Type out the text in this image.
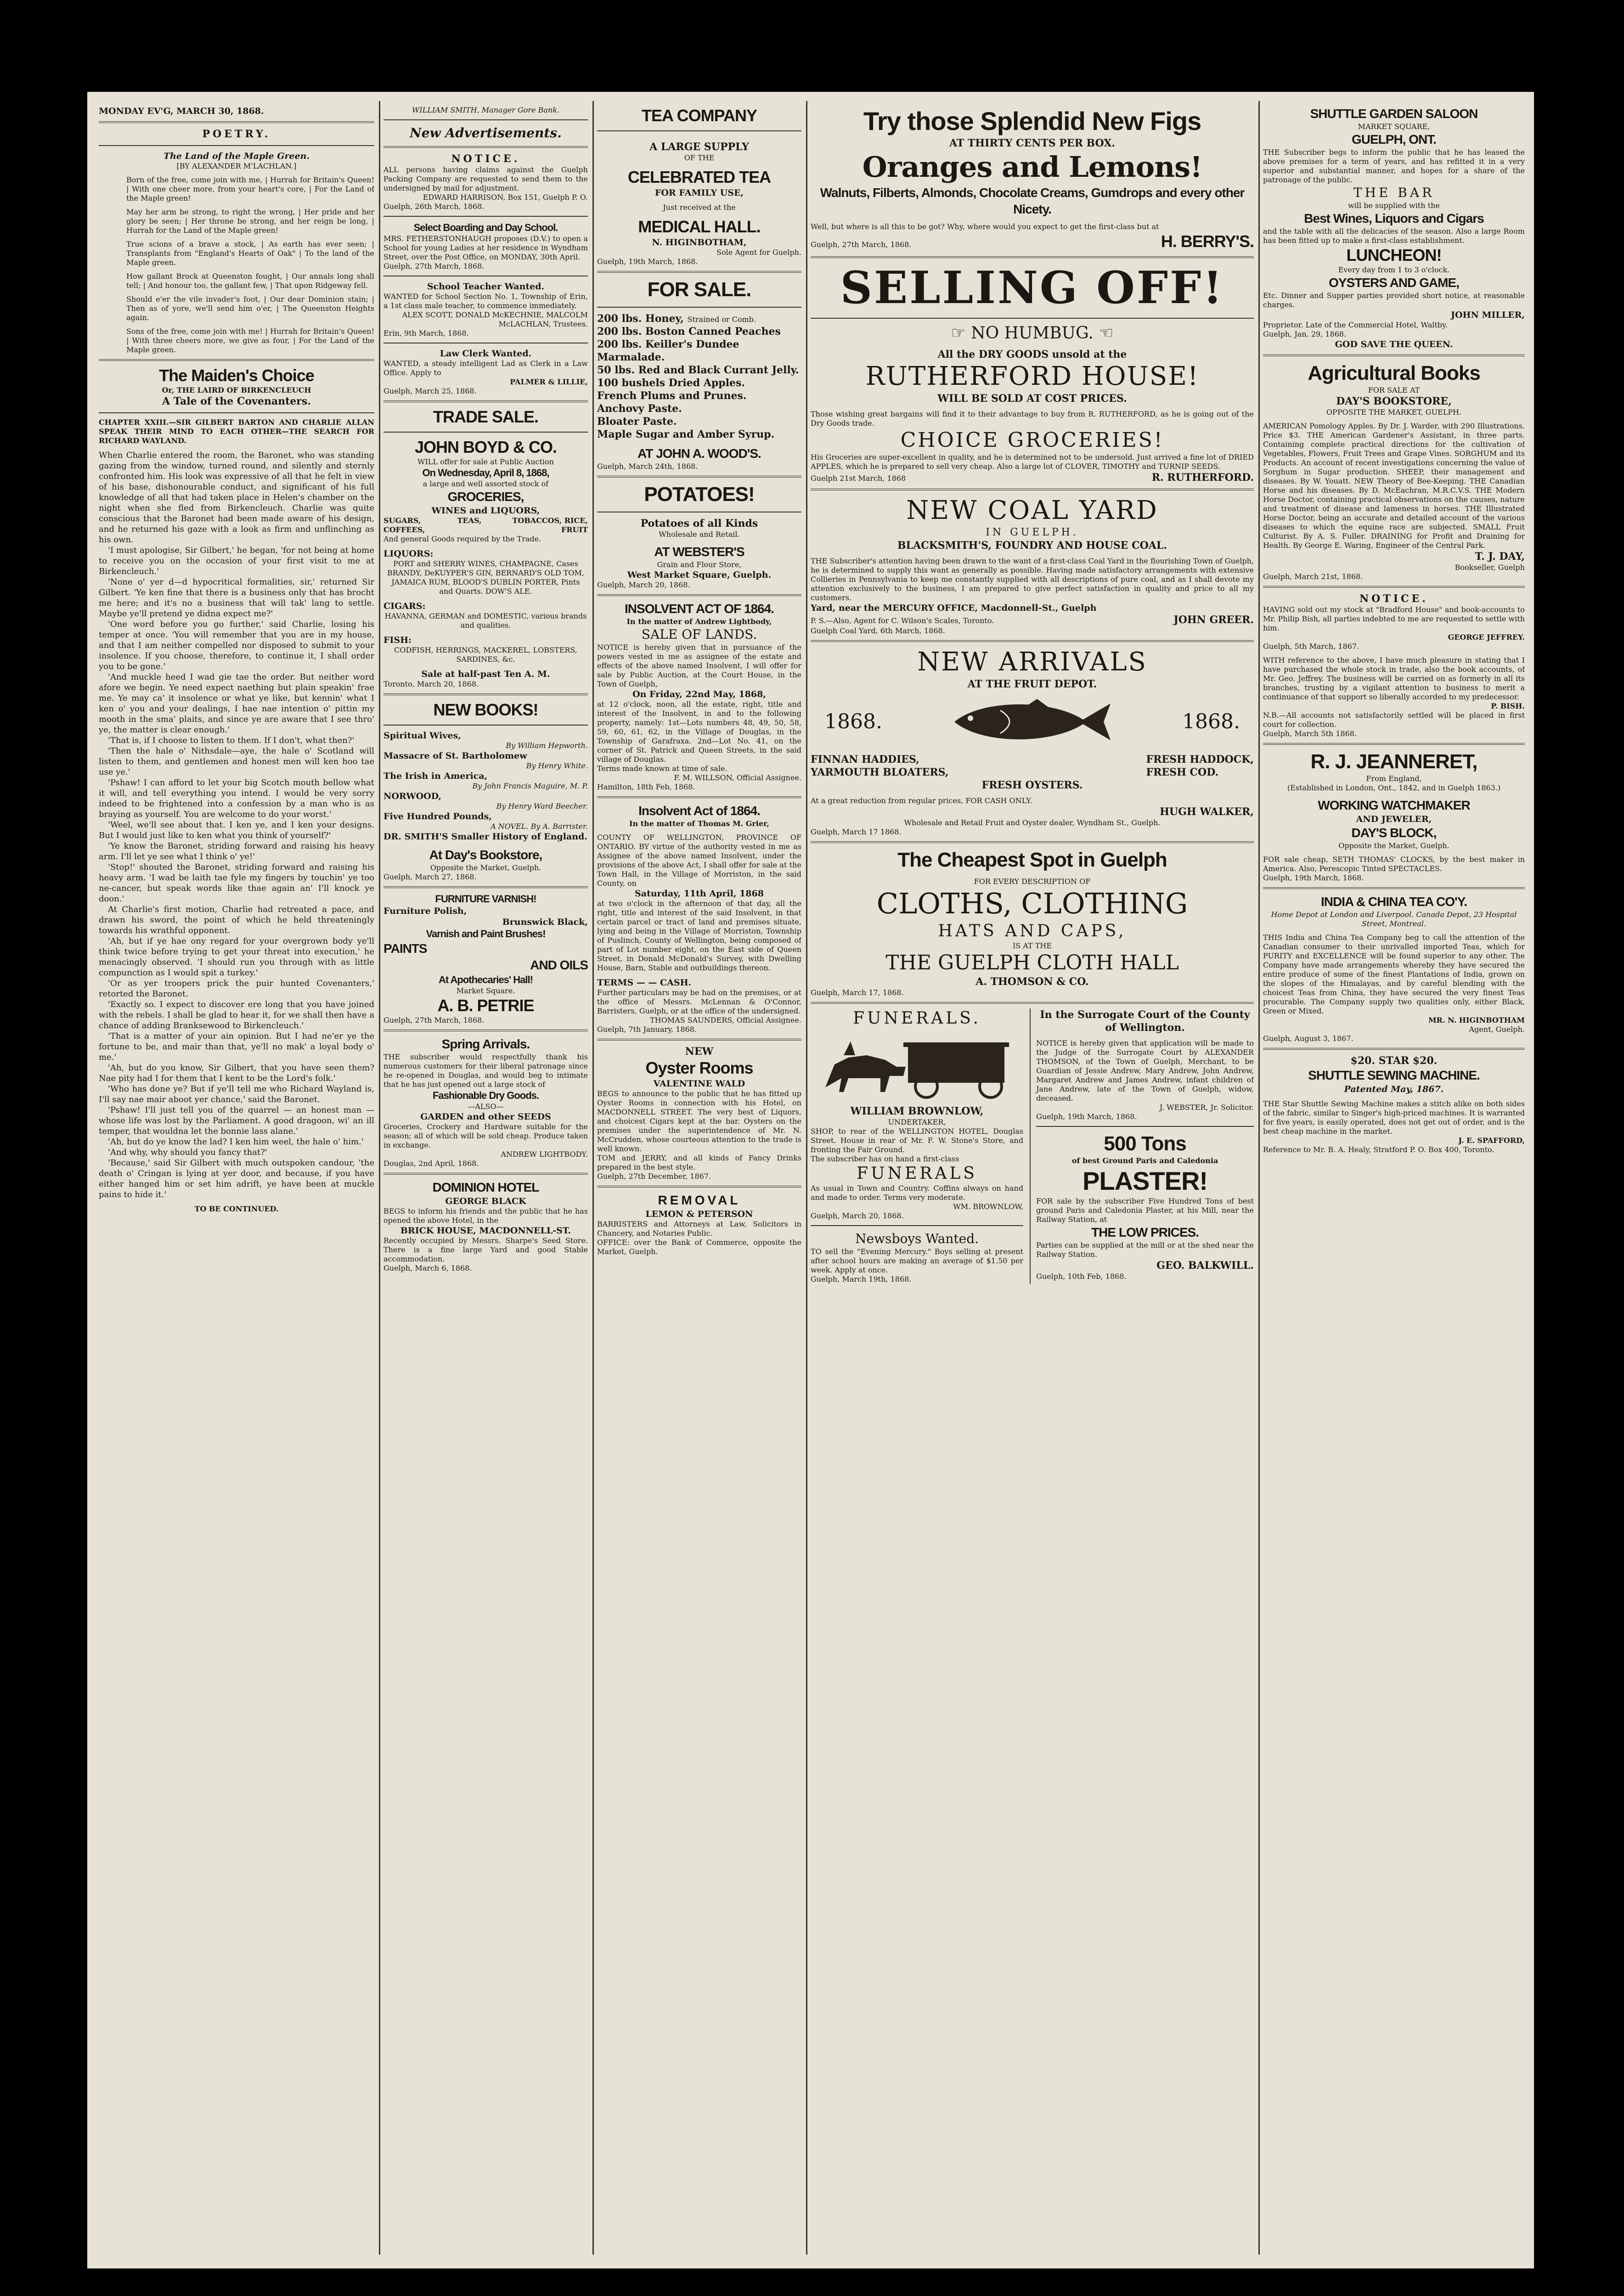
MONDAY EV'G, MARCH 30, 1868.

POETRY.

The Land of the Maple Green.

[BY ALEXANDER M'LACHLAN.]

Born of the free, come join with me, | Hurrah for Britain's Queen! | With one cheer more, from your heart's core, | For the Land of the Maple green!

May her arm be strong, to right the wrong, | Her pride and her glory be seen; | Her throne be strong, and her reign be long, | Hurrah for the Land of the Maple green!

True scions of a brave a stock, | As earth has ever seen; | Transplants from "England's Hearts of Oak" | To the land of the Maple green.

How gallant Brock at Queenston fought, | Our annals long shall tell; | And honour too, the gallant few, | That upon Ridgeway fell.

Should e'er the vile invader's foot, | Our dear Dominion stain; | Then as of yore, we'll send him o'er, | The Queenston Heights again.

Sons of the free, come join with me! | Hurrah for Britain's Queen! | With three cheers more, we give as four, | For the Land of the Maple green.

The Maiden's Choice

Or, THE LAIRD OF BIRKENCLEUCH

A Tale of the Covenanters.

CHAPTER XXIII.—SIR GILBERT BARTON AND CHARLIE ALLAN SPEAK THEIR MIND TO EACH OTHER—THE SEARCH FOR RICHARD WAYLAND.

When Charlie entered the room, the Baronet, who was standing gazing from the window, turned round, and silently and sternly confronted him. His look was expressive of all that he felt in view of his base, dishonourable conduct, and significant of his full knowledge of all that had taken place in Helen's chamber on the night when she fled from Birkencleuch. Charlie was quite conscious that the Baronet had been made aware of his design, and he returned his gaze with a look as firm and unflinching as his own.

'I must apologise, Sir Gilbert,' he began, 'for not being at home to receive you on the occasion of your first visit to me at Birkencleuch.'

'None o' yer d—d hypocritical formalities, sir,' returned Sir Gilbert. 'Ye ken fine that there is a business only that has brocht me here; and it's no a business that will tak' lang to settle. Maybe ye'll pretend ye didna expect me?'

'One word before you go further,' said Charlie, losing his temper at once. 'You will remember that you are in my house, and that I am neither compelled nor disposed to submit to your insolence. If you choose, therefore, to continue it, I shall order you to be gone.'

'And muckle heed I wad gie tae the order. But neither word afore we begin. Ye need expect naething but plain speakin' frae me. Ye may ca' it insolence or what ye like, but kennin' what I ken o' you and your dealings, I hae nae intention o' pittin my mooth in the sma' plaits, and since ye are aware that I see thro' ye, the matter is clear enough.'

'That is, if I choose to listen to them. If I don't, what then?'

'Then the hale o' Nithsdale—aye, the hale o' Scotland will listen to them, and gentlemen and honest men will ken hoo tae use ye.'

'Pshaw! I can afford to let your big Scotch mouth bellow what it will, and tell everything you intend. I would be very sorry indeed to be frightened into a confession by a man who is as braying as yourself. You are welcome to do your worst.'

'Weel, we'll see about that. I ken ye, and I ken your designs. But I would just like to ken what you think of yourself?'

'Ye know the Baronet, striding forward and raising his heavy arm. I'll let ye see what I think o' ye!'

'Stop!' shouted the Baronet, striding forward and raising his heavy arm. 'I wad be laith tae fyle my fingers by touchin' ye too ne-cancer, but speak words like thae again an' I'll knock ye doon.'

At Charlie's first motion, Charlie had retreated a pace, and drawn his sword, the point of which he held threateningly towards his wrathful opponent.

'Ah, but if ye hae ony regard for your overgrown body ye'll think twice before trying to get your threat into execution,' he menacingly observed. 'I should run you through with as little compunction as I would spit a turkey.'

'Or as yer troopers prick the puir hunted Covenanters,' retorted the Baronet.

'Exactly so. I expect to discover ere long that you have joined with the rebels. I shall be glad to hear it, for we shall then have a chance of adding Branksewood to Birkencleuch.'

'That is a matter of your ain opinion. But I had ne'er ye the fortune to be, and mair than that, ye'll no mak' a loyal body o' me.'

'Ah, but do you know, Sir Gilbert, that you have seen them? Nae pity had I for them that I kent to be the Lord's folk.'

'Who has done ye? But if ye'll tell me who Richard Wayland is, I'll say nae mair aboot yer chance,' said the Baronet.

'Pshaw! I'll just tell you of the quarrel — an honest man — whose life was lost by the Parliament. A good dragoon, wi' an ill temper, that wouldna let the bonnie lass alane.'

'Ah, but do ye know the lad? I ken him weel, the hale o' him.'

'And why, why should you fancy that?'

'Because,' said Sir Gilbert with much outspoken candour, 'the death o' Cringan is lying at yer door, and because, if you have either hanged him or set him adrift, ye have been at muckle pains to hide it.'

TO BE CONTINUED.

WILLIAM SMITH, Manager Gore Bank.

New Advertisements.

NOTICE.

ALL persons having claims against the Guelph Packing Company are requested to send them to the undersigned by mail for adjustment.

EDWARD HARRISON, Box 151, Guelph P. O.

Guelph, 26th March, 1868.

Select Boarding and Day School.

MRS. FETHERSTONHAUGH proposes (D.V.) to open a School for young Ladies at her residence in Wyndham Street, over the Post Office, on MONDAY, 30th April.

Guelph, 27th March, 1868.

School Teacher Wanted.

WANTED for School Section No. 1, Township of Erin, a 1st class male teacher, to commence immediately.

ALEX SCOTT, DONALD McKECHNIE, MALCOLM McLACHLAN, Trustees.

Erin, 9th March, 1868.

Law Clerk Wanted.

WANTED, a steady intelligent Lad as Clerk in a Law Office. Apply to

PALMER & LILLIE,

Guelph, March 25, 1868.

TRADE SALE.

JOHN BOYD & CO.

WILL offer for sale at Public Auction

On Wednesday, April 8, 1868,

a large and well assorted stock of

GROCERIES,

WINES and LIQUORS,

SUGARS, TEAS, COFFEES,

TOBACCOS, RICE, FRUIT

And general Goods required by the Trade.

LIQUORS:

PORT and SHERRY WINES, CHAMPAGNE, Cases BRANDY, DeKUYPER'S GIN, BERNARD'S OLD TOM, JAMAICA RUM, BLOOD'S DUBLIN PORTER, Pints and Quarts. DOW'S ALE.

CIGARS:

HAVANNA, GERMAN and DOMESTIC, various brands and qualities.

FISH:

CODFISH, HERRINGS, MACKEREL, LOBSTERS, SARDINES, &c.

Sale at half-past Ten A. M.

Toronto, March 20, 1868.

NEW BOOKS!

Spiritual Wives,

By William Hepworth.

Massacre of St. Bartholomew

By Henry White.

The Irish in America,

By John Francis Maguire, M. P.

NORWOOD,

By Henry Ward Beecher.

Five Hundred Pounds,

A NOVEL. By A. Barrister.

DR. SMITH'S Smaller History of England.

At Day's Bookstore,

Opposite the Market, Guelph.

Guelph, March 27, 1868.

FURNITURE VARNISH!

Furniture Polish,

Brunswick Black,

Varnish and Paint Brushes!

PAINTS

AND OILS

At Apothecaries' Hall!

Market Square.

A. B. PETRIE

Guelph, 27th March, 1868.

Spring Arrivals.

THE subscriber would respectfully thank his numerous customers for their liberal patronage since he re-opened in Douglas, and would beg to intimate that he has just opened out a large stock of

Fashionable Dry Goods.

—ALSO—

GARDEN and other SEEDS

Groceries, Crockery and Hardware suitable for the season; all of which will be sold cheap. Produce taken in exchange.

ANDREW LIGHTBODY.

Douglas, 2nd April, 1868.

DOMINION HOTEL

GEORGE BLACK

BEGS to inform his friends and the public that he has opened the above Hotel, in the

BRICK HOUSE, MACDONNELL-ST.

Recently occupied by Messrs. Sharpe's Seed Store. There is a fine large Yard and good Stable accommodation.

Guelph, March 6, 1868.

TEA COMPANY

A LARGE SUPPLY

OF THE

CELEBRATED TEA

FOR FAMILY USE,

Just received at the

MEDICAL HALL.

N. HIGINBOTHAM,

Sole Agent for Guelph.

Guelph, 19th March, 1868.

FOR SALE.

200 lbs. Honey, Strained or Comb.

200 lbs. Boston Canned Peaches

200 lbs. Keiller's Dundee Marmalade.

50 lbs. Red and Black Currant Jelly.

100 bushels Dried Apples.

French Plums and Prunes.

Anchovy Paste.

Bloater Paste.

Maple Sugar and Amber Syrup.

AT JOHN A. WOOD'S.

Guelph, March 24th, 1868.

POTATOES!

Potatoes of all Kinds

Wholesale and Retail.

AT WEBSTER'S

Grain and Flour Store,

West Market Square, Guelph.

Guelph, March 20, 1868.

INSOLVENT ACT OF 1864.

In the matter of Andrew Lightbody,

SALE OF LANDS.

NOTICE is hereby given that in pursuance of the powers vested in me as assignee of the estate and effects of the above named Insolvent, I will offer for sale by Public Auction, at the Court House, in the Town of Guelph,

On Friday, 22nd May, 1868,

at 12 o'clock, noon, all the estate, right, title and interest of the Insolvent, in and to the following property, namely: 1st—Lots numbers 48, 49, 50, 58, 59, 60, 61, 62, in the Village of Douglas, in the Township of Garafraxa. 2nd—Lot No. 41, on the corner of St. Patrick and Queen Streets, in the said village of Douglas.

Terms made known at time of sale.

F. M. WILLSON, Official Assignee.

Hamilton, 18th Feb, 1868.

Insolvent Act of 1864.

In the matter of Thomas M. Grier,

COUNTY OF WELLINGTON, PROVINCE OF ONTARIO. BY virtue of the authority vested in me as Assignee of the above named Insolvent, under the provisions of the above Act, I shall offer for sale at the Town Hall, in the Village of Morriston, in the said County, on

Saturday, 11th April, 1868

at two o'clock in the afternoon of that day, all the right, title and interest of the said Insolvent, in that certain parcel or tract of land and premises situate, lying and being in the Village of Morriston, Township of Puslinch, County of Wellington, being composed of part of Lot number eight, on the East side of Queen Street, in Donald McDonald's Survey, with Dwelling House, Barn, Stable and outbuildings thereon.

TERMS — — CASH.

Further particulars may be had on the premises, or at the office of Messrs. McLennan & O'Connor, Barristers, Guelph, or at the office of the undersigned.

THOMAS SAUNDERS, Official Assignee.

Guelph, 7th January, 1868.

NEW

Oyster Rooms

VALENTINE WALD

BEGS to announce to the public that he has fitted up Oyster Rooms in connection with his Hotel, on MACDONNELL STREET. The very best of Liquors, and choicest Cigars kept at the bar. Oysters on the premises under the superintendence of Mr. N. McCrudden, whose courteous attention to the trade is well known.

TOM and JERRY, and all kinds of Fancy Drinks prepared in the best style.

Guelph, 27th December, 1867.

REMOVAL

LEMON & PETERSON

BARRISTERS and Attorneys at Law, Solicitors in Chancery, and Notaries Public.

OFFICE: over the Bank of Commerce, opposite the Market, Guelph.

Try those Splendid New Figs

AT THIRTY CENTS PER BOX.

Oranges and Lemons!

Walnuts, Filberts, Almonds, Chocolate Creams, Gumdrops and every other Nicety.

Well, but where is all this to be got? Why, where would you expect to get the first-class but at

Guelph, 27th March, 1868.	H. BERRY'S.

SELLING OFF!

☞ NO HUMBUG. ☜

All the DRY GOODS unsold at the

RUTHERFORD HOUSE!

WILL BE SOLD AT COST PRICES.

Those wishing great bargains will find it to their advantage to buy from R. RUTHERFORD, as he is going out of the Dry Goods trade.

CHOICE GROCERIES!

His Groceries are super-excellent in quality, and he is determined not to be undersold. Just arrived a fine lot of DRIED APPLES, which he is prepared to sell very cheap. Also a large lot of CLOVER, TIMOTHY and TURNIP SEEDS.

Guelph 21st March, 1868	R. RUTHERFORD.

NEW COAL YARD

IN GUELPH.

BLACKSMITH'S, FOUNDRY AND HOUSE COAL.

THE Subscriber's attention having been drawn to the want of a first-class Coal Yard in the flourishing Town of Guelph, he is determined to supply this want as generally as possible. Having made satisfactory arrangements with extensive Collieries in Pennsylvania to keep me constantly supplied with all descriptions of pure coal, and as I shall devote my attention exclusively to the business, I am prepared to give perfect satisfaction in quality and price to all my customers.

Yard, near the MERCURY OFFICE, Macdonnell-St., Guelph

P. S.—Also, Agent for C. Wilson's Scales, Toronto.	JOHN GREER.

Guelph Coal Yard, 6th March, 1868.

NEW ARRIVALS

AT THE FRUIT DEPOT.

1868.	1868.

FINNAN HADDIES,

YARMOUTH BLOATERS,

FRESH HADDOCK,

FRESH COD.

FRESH OYSTERS.

At a great reduction from regular prices, FOR CASH ONLY.

HUGH WALKER,

Wholesale and Retail Fruit and Oyster dealer, Wyndham St., Guelph.

Guelph, March 17 1868.

The Cheapest Spot in Guelph

FOR EVERY DESCRIPTION OF

CLOTHS, CLOTHING

HATS AND CAPS,

IS AT THE

THE GUELPH CLOTH HALL

A. THOMSON & CO.

Guelph, March 17, 1868.

FUNERALS.

WILLIAM BROWNLOW,

UNDERTAKER,

SHOP, to rear of the WELLINGTON HOTEL, Douglas Street. House in rear of Mr. F. W. Stone's Store, and fronting the Fair Ground.

The subscriber has on hand a first-class

FUNERALS

As usual in Town and Country. Coffins always on hand and made to order. Terms very moderate.

WM. BROWNLOW,

Guelph, March 20, 1868.

Newsboys Wanted.

TO sell the "Evening Mercury." Boys selling at present after school hours are making an average of $1.50 per week. Apply at once.

Guelph, March 19th, 1868.

In the Surrogate Court of the County of Wellington.

NOTICE is hereby given that application will be made to the Judge of the Surrogate Court by ALEXANDER THOMSON, of the Town of Guelph, Merchant, to be Guardian of Jessie Andrew, Mary Andrew, John Andrew, Margaret Andrew and James Andrew, infant children of Jane Andrew, late of the Town of Guelph, widow, deceased.

J. WEBSTER, Jr. Solicitor.

Guelph, 19th March, 1868.

500 Tons

of best Ground Paris and Caledonia

PLASTER!

FOR sale by the subscriber Five Hundred Tons of best ground Paris and Caledonia Plaster, at his Mill, near the Railway Station, at

THE LOW PRICES.

Parties can be supplied at the mill or at the shed near the Railway Station.

GEO. BALKWILL.

Guelph, 10th Feb, 1868.

SHUTTLE GARDEN SALOON

MARKET SQUARE,

GUELPH, ONT.

THE Subscriber begs to inform the public that he has leased the above premises for a term of years, and has refitted it in a very superior and substantial manner, and hopes for a share of the patronage of the public.

THE BAR

will be supplied with the

Best Wines, Liquors and Cigars

and the table with all the delicacies of the season. Also a large Room has been fitted up to make a first-class establishment.

LUNCHEON!

Every day from 1 to 3 o'clock.

OYSTERS AND GAME,

Etc. Dinner and Supper parties provided short notice, at reasonable charges.

JOHN MILLER,

Proprietor. Late of the Commercial Hotel, Waltby.

Guelph, Jan. 29, 1868.

GOD SAVE THE QUEEN.

Agricultural Books

FOR SALE AT

DAY'S BOOKSTORE,

OPPOSITE THE MARKET, GUELPH.

AMERICAN Pomology Apples. By Dr. J. Warder, with 290 Illustrations. Price $3. THE American Gardener's Assistant, in three parts. Containing complete practical directions for the cultivation of Vegetables, Flowers, Fruit Trees and Grape Vines. SORGHUM and its Products. An account of recent investigations concerning the value of Sorghum in Sugar production. SHEEP, their management and diseases. By W. Youatt. NEW Theory of Bee-Keeping. THE Canadian Horse and his diseases. By D. McEachran, M.R.C.V.S. THE Modern Horse Doctor, containing practical observations on the causes, nature and treatment of disease and lameness in horses. THE Illustrated Horse Doctor, being an accurate and detailed account of the various diseases to which the equine race are subjected. SMALL Fruit Culturist. By A. S. Fuller. DRAINING for Profit and Draining for Health. By George E. Waring, Engineer of the Central Park.

T. J. DAY,

Bookseller, Guelph

Guelph, March 21st, 1868.

NOTICE.

HAVING sold out my stock at "Bradford House" and book-accounts to Mr. Philip Bish, all parties indebted to me are requested to settle with him.

GEORGE JEFFREY.

Guelph, 5th March, 1867.

WITH reference to the above, I have much pleasure in stating that I have purchased the whole stock in trade, also the book accounts, of Mr. Geo. Jeffrey. The business will be carried on as formerly in all its branches, trusting by a vigilant attention to business to merit a continuance of that support so liberally accorded to my predecessor.

P. BISH.

N.B.—All accounts not satisfactorily settled will be placed in first court for collection.

Guelph, March 5th 1868.

R. J. JEANNERET,

From England,

(Established in London, Ont., 1842, and in Guelph 1863.)

WORKING WATCHMAKER

AND JEWELER,

DAY'S BLOCK,

Opposite the Market, Guelph.

FOR sale cheap, SETH THOMAS' CLOCKS, by the best maker in America. Also, Perescopic Tinted SPECTACLES.

Guelph, 19th March, 1868.

INDIA & CHINA TEA CO'Y.

Home Depot at London and Liverpool. Canada Depot, 23 Hospital Street, Montreal.

THIS India and China Tea Company beg to call the attention of the Canadian consumer to their unrivalled imported Teas, which for PURITY and EXCELLENCE will be found superior to any other. The Company have made arrangements whereby they have secured the entire produce of some of the finest Plantations of India, grown on the slopes of the Himalayas, and by careful blending with the choicest Teas from China, they have secured the very finest Teas procurable. The Company supply two qualities only, either Black, Green or Mixed.

MR. N. HIGINBOTHAM

Agent, Guelph.

Guelph, August 3, 1867.

$20. STAR $20.

SHUTTLE SEWING MACHINE.

Patented May, 1867.

THE Star Shuttle Sewing Machine makes a stitch alike on both sides of the fabric, similar to Singer's high-priced machines. It is warranted for five years, is easily operated, does not get out of order, and is the best cheap machine in the market.

J. E. SPAFFORD,

Reference to Mr. B. A. Healy, Stratford P. O. Box 400, Toronto.
